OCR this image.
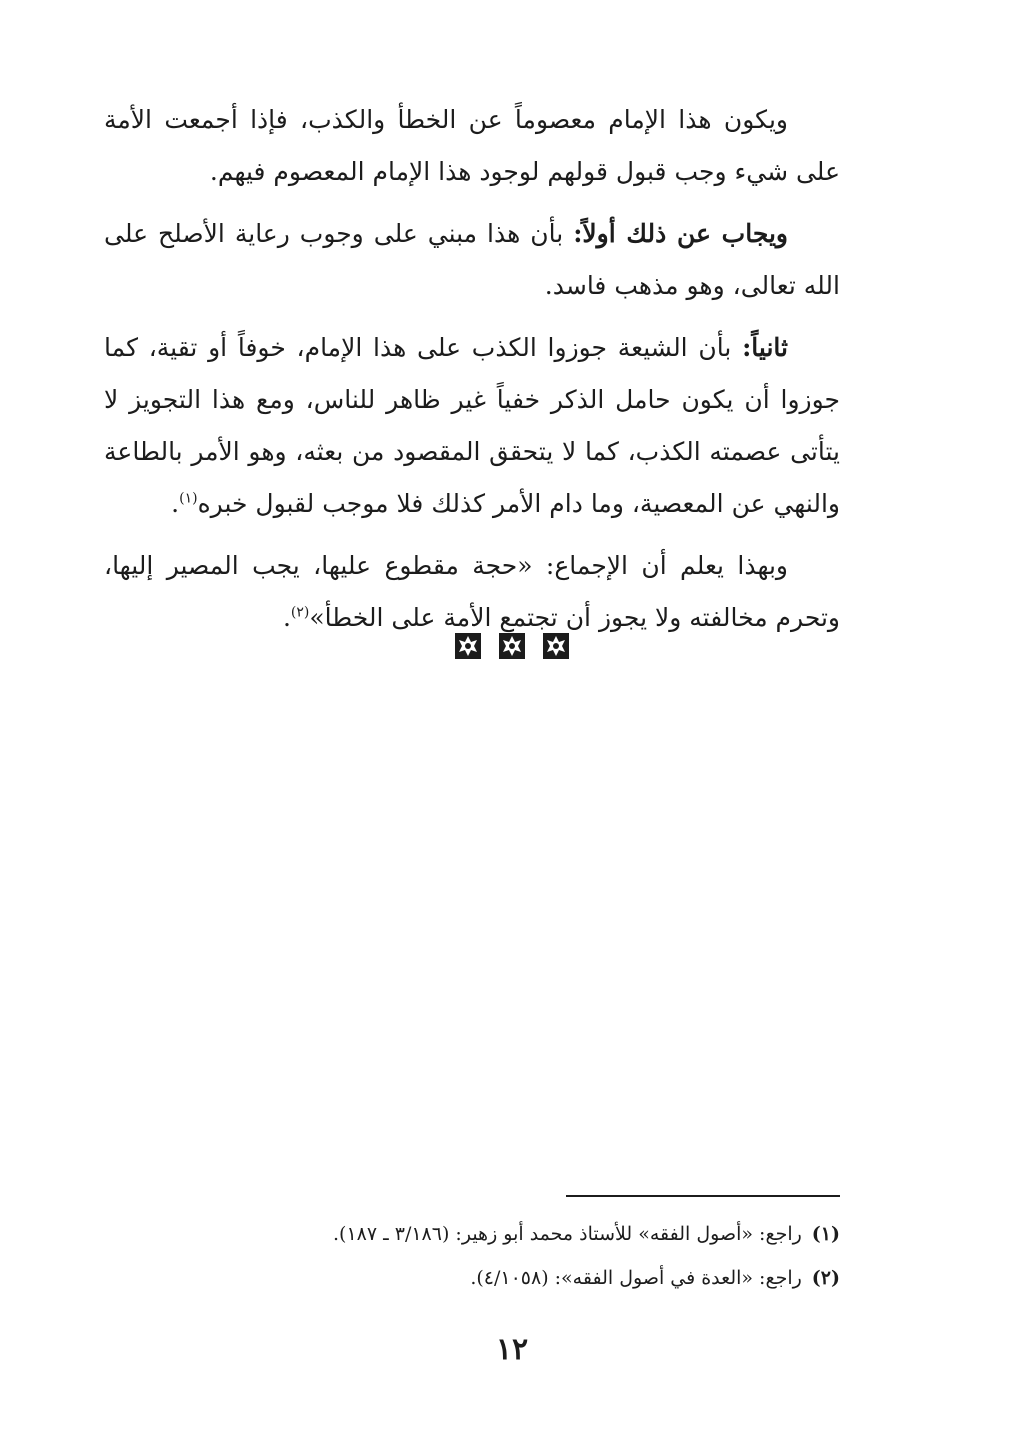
ويكون هذا الإمام معصوماً عن الخطأ والكذب، فإذا أجمعت الأمة على شيء وجب قبول قولهم لوجود هذا الإمام المعصوم فيهم.

ويجاب عن ذلك أولاً: بأن هذا مبني على وجوب رعاية الأصلح على الله تعالى، وهو مذهب فاسد.

ثانياً: بأن الشيعة جوزوا الكذب على هذا الإمام، خوفاً أو تقية، كما جوزوا أن يكون حامل الذكر خفياً غير ظاهر للناس، ومع هذا التجويز لا يتأتى عصمته الكذب، كما لا يتحقق المقصود من بعثه، وهو الأمر بالطاعة والنهي عن المعصية، وما دام الأمر كذلك فلا موجب لقبول خبره$^{(١)}$.

وبهذا يعلم أن الإجماع: «حجة مقطوع عليها، يجب المصير إليها، وتحرم مخالفته ولا يجوز أن تجتمع الأمة على الخطأ»$^{(٢)}$.

(١)راجع: «أصول الفقه» للأستاذ محمد أبو زهير: (٣/١٨٦ ـ ١٨٧).

(٢)راجع: «العدة في أصول الفقه»: (٤/١٠٥٨).

١٢
